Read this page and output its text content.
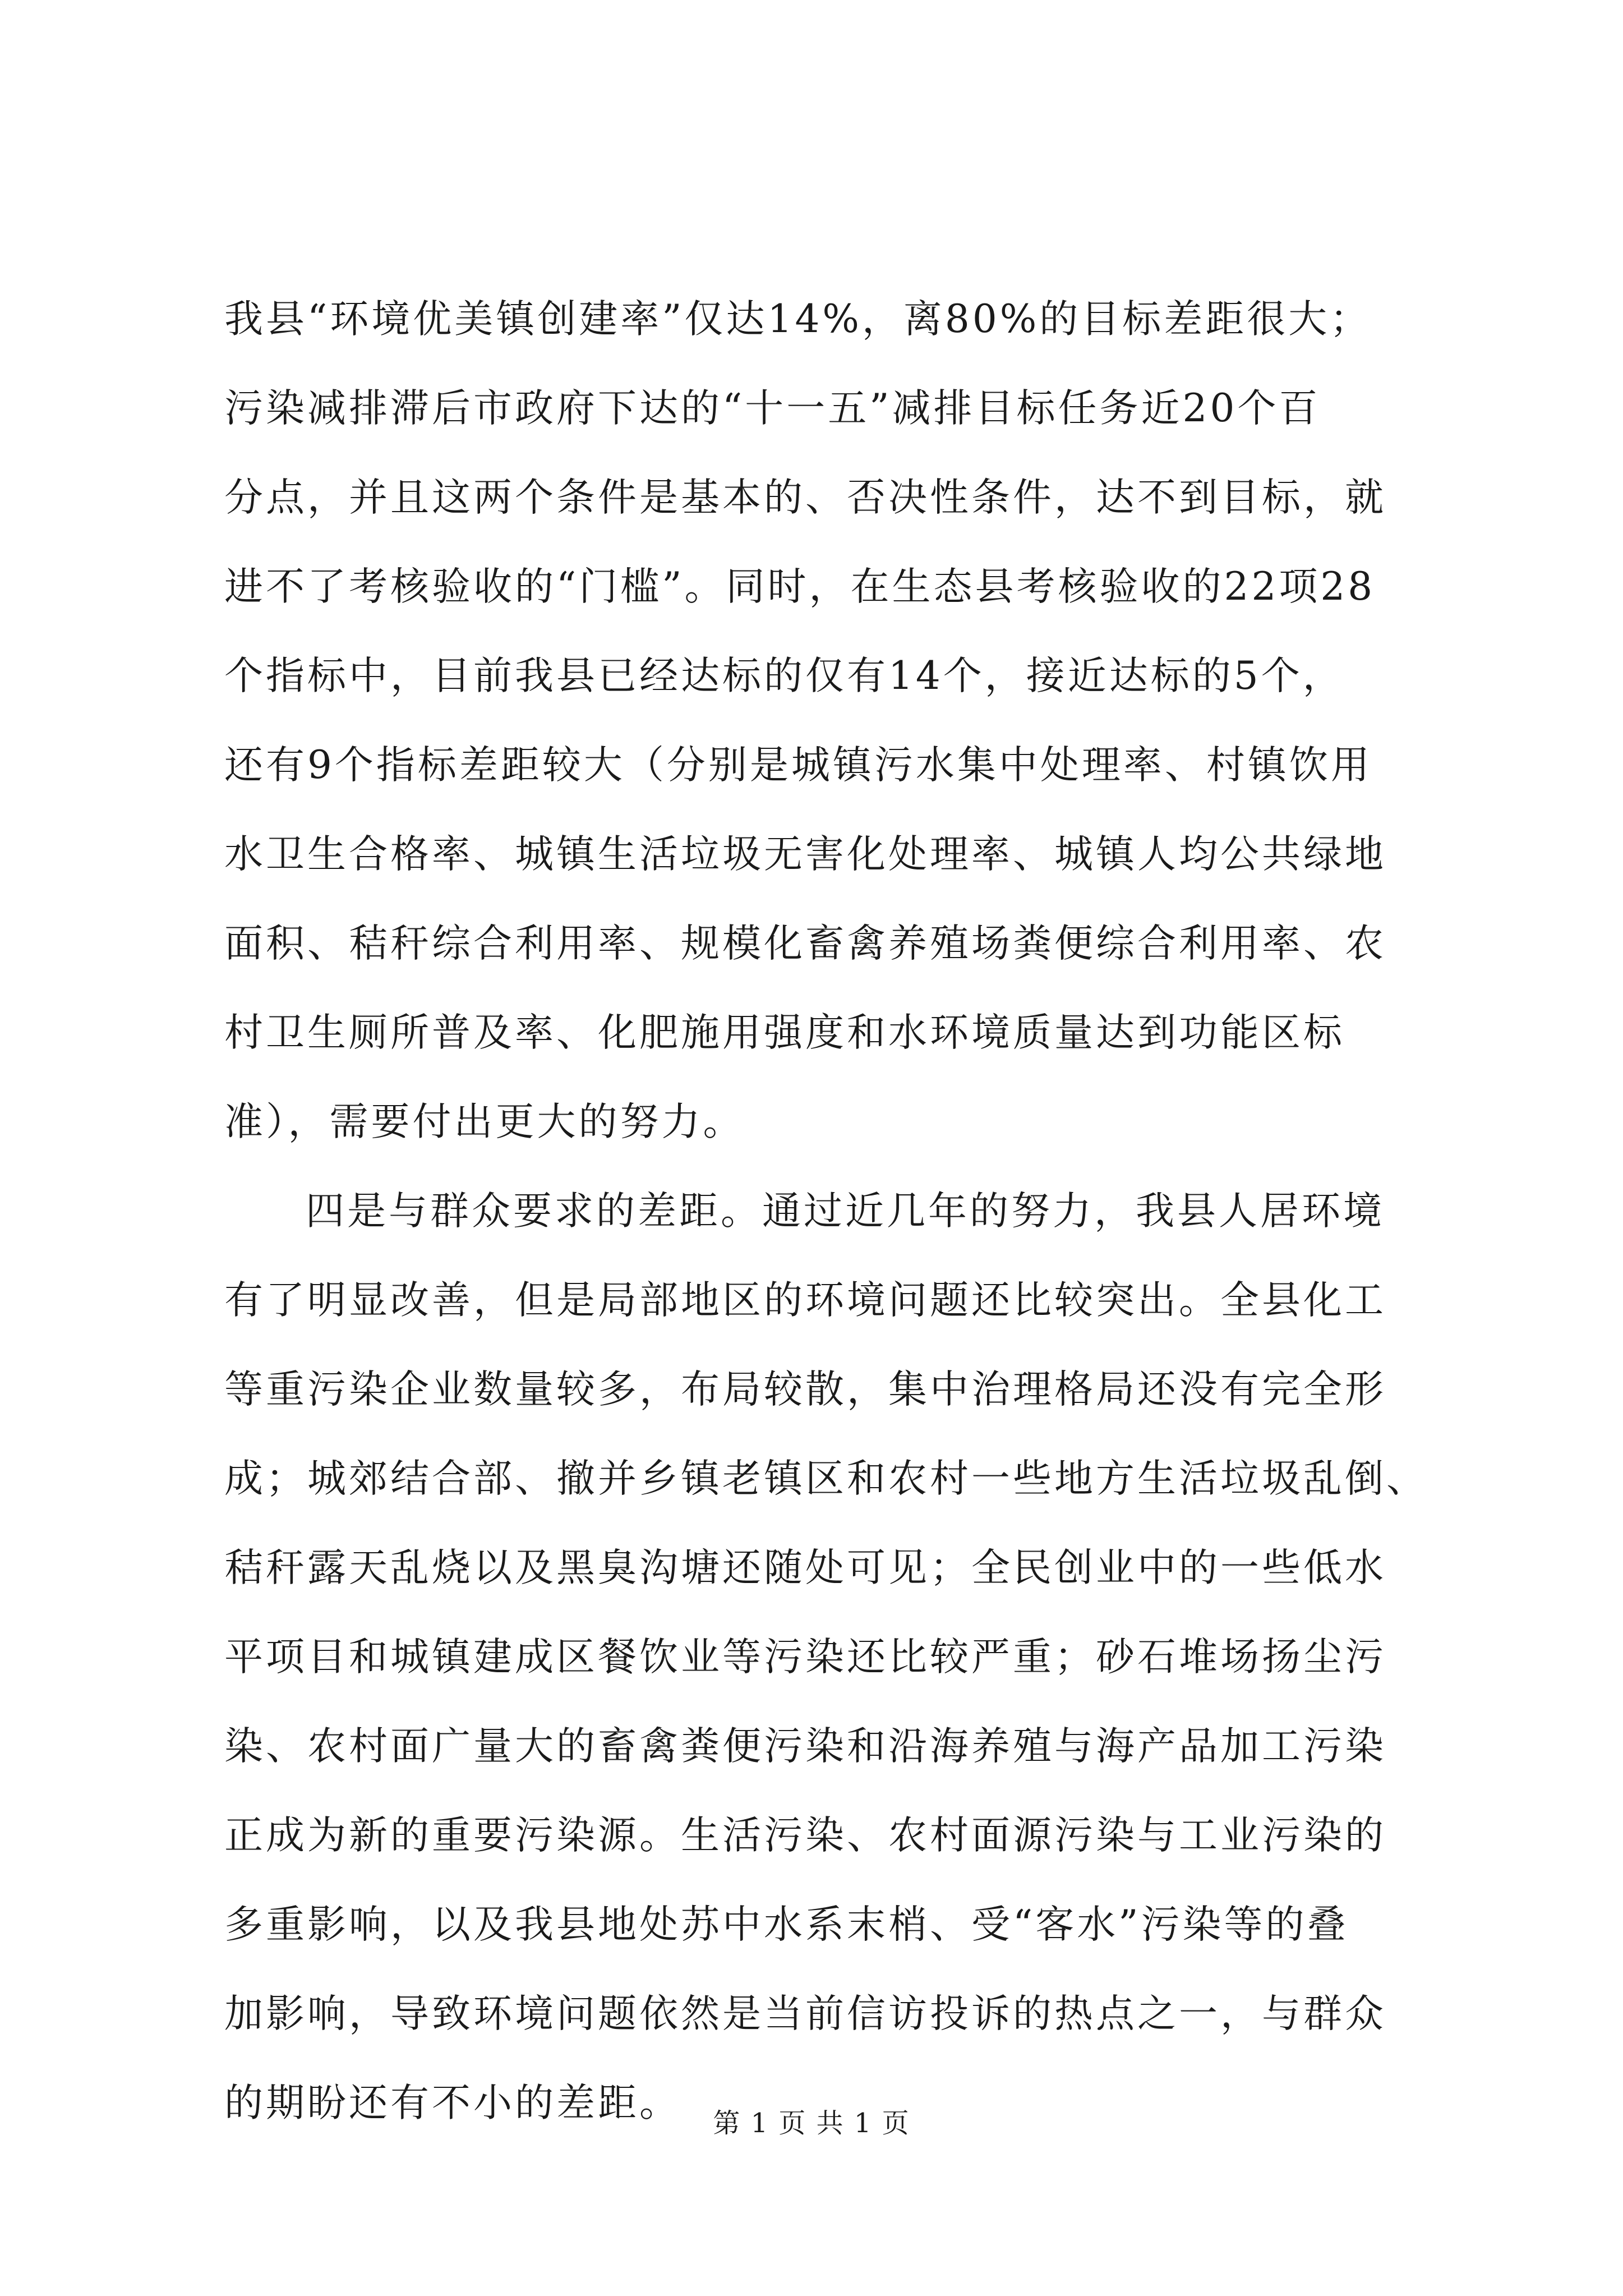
我县“环境优美镇创建率”仅达14%，离80%的目标差距很大；
污染减排滞后市政府下达的“十一五”减排目标任务近20个百
分点，并且这两个条件是基本的、否决性条件，达不到目标，就
进不了考核验收的“门槛”。同时，在生态县考核验收的22项28
个指标中，目前我县已经达标的仅有14个，接近达标的5个，
还有9个指标差距较大（分别是城镇污水集中处理率、村镇饮用
水卫生合格率、城镇生活垃圾无害化处理率、城镇人均公共绿地
面积、秸秆综合利用率、规模化畜禽养殖场粪便综合利用率、农
村卫生厕所普及率、化肥施用强度和水环境质量达到功能区标
准），需要付出更大的努力。
四是与群众要求的差距。通过近几年的努力，我县人居环境
有了明显改善，但是局部地区的环境问题还比较突出。全县化工
等重污染企业数量较多，布局较散，集中治理格局还没有完全形
成；城郊结合部、撤并乡镇老镇区和农村一些地方生活垃圾乱倒、
秸秆露天乱烧以及黑臭沟塘还随处可见；全民创业中的一些低水
平项目和城镇建成区餐饮业等污染还比较严重；砂石堆场扬尘污
染、农村面广量大的畜禽粪便污染和沿海养殖与海产品加工污染
正成为新的重要污染源。生活污染、农村面源污染与工业污染的
多重影响，以及我县地处苏中水系末梢、受“客水”污染等的叠
加影响，导致环境问题依然是当前信访投诉的热点之一，与群众
的期盼还有不小的差距。	第 1 页 共 1 页
